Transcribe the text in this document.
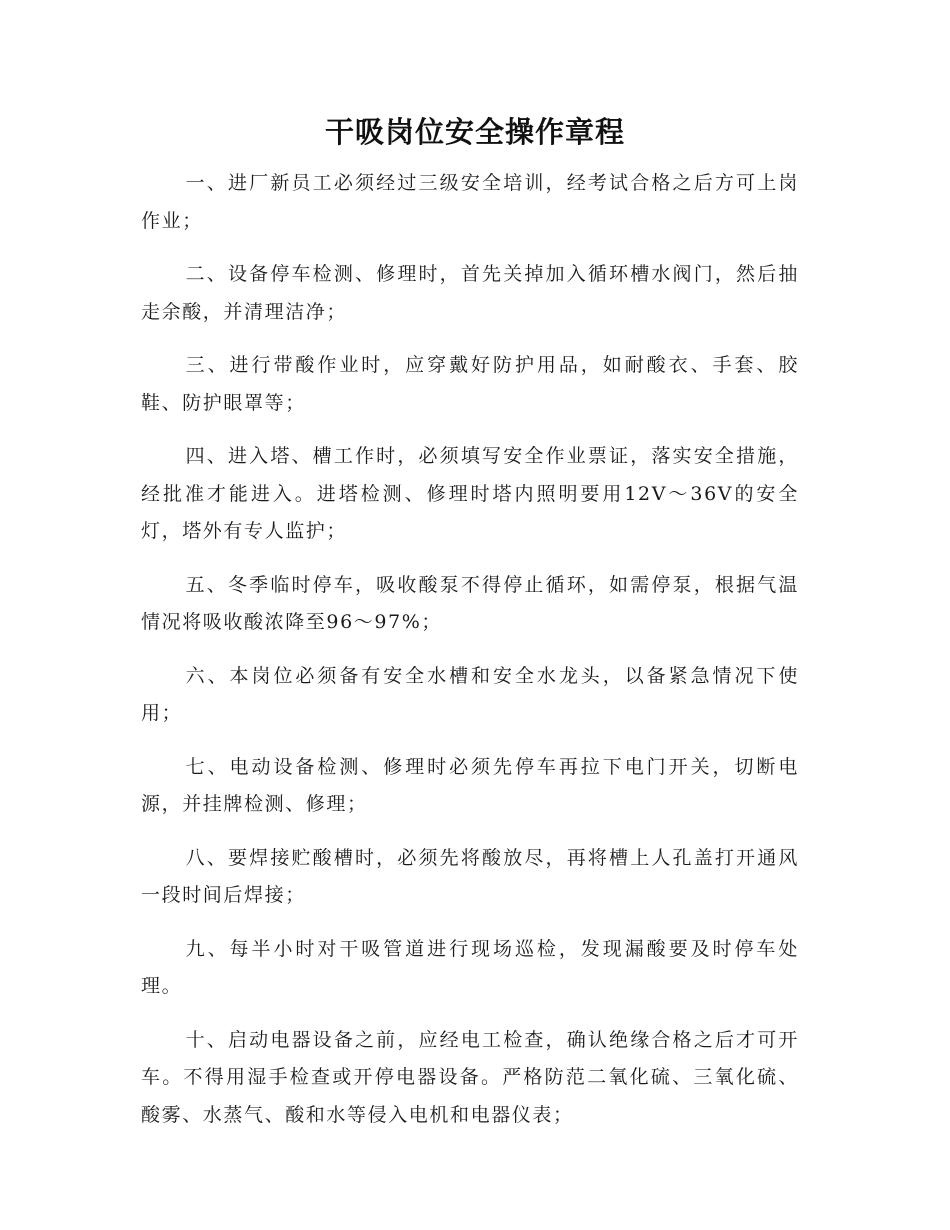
干吸岗位安全操作章程

一、进厂新员工必须经过三级安全培训，经考试合格之后方可上岗作业；

二、设备停车检测、修理时，首先关掉加入循环槽水阀门，然后抽走余酸，并清理洁净；

三、进行带酸作业时，应穿戴好防护用品，如耐酸衣、手套、胶鞋、防护眼罩等；

四、进入塔、槽工作时，必须填写安全作业票证，落实安全措施，经批准才能进入。进塔检测、修理时塔内照明要用12V～36V的安全灯，塔外有专人监护；

五、冬季临时停车，吸收酸泵不得停止循环，如需停泵，根据气温情况将吸收酸浓降至96～97%；

六、本岗位必须备有安全水槽和安全水龙头，以备紧急情况下使用；

七、电动设备检测、修理时必须先停车再拉下电门开关，切断电源，并挂牌检测、修理；

八、要焊接贮酸槽时，必须先将酸放尽，再将槽上人孔盖打开通风一段时间后焊接；

九、每半小时对干吸管道进行现场巡检，发现漏酸要及时停车处理。

十、启动电器设备之前，应经电工检查，确认绝缘合格之后才可开车。不得用湿手检查或开停电器设备。严格防范二氧化硫、三氧化硫、酸雾、水蒸气、酸和水等侵入电机和电器仪表；
